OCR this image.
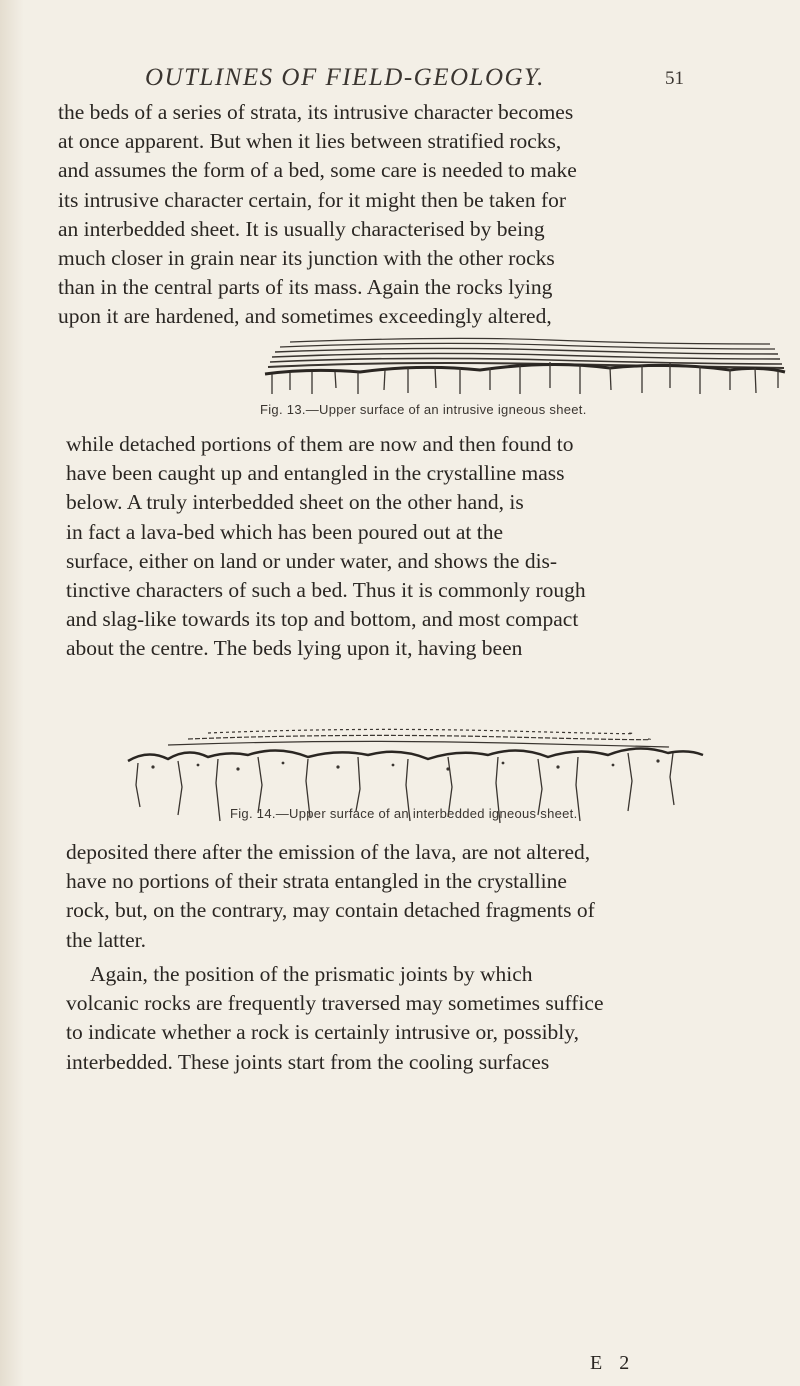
OUTLINES OF FIELD-GEOLOGY.	51

the beds of a series of strata, its intrusive character becomes
at once apparent. But when it lies between stratified rocks,
and assumes the form of a bed, some care is needed to make
its intrusive character certain, for it might then be taken for
an interbedded sheet. It is usually characterised by being
much closer in grain near its junction with the other rocks
than in the central parts of its mass. Again the rocks lying
upon it are hardened, and sometimes exceedingly altered,

Fig. 13.—Upper surface of an intrusive igneous sheet.

while detached portions of them are now and then found to
have been caught up and entangled in the crystalline mass
below. A truly interbedded sheet on the other hand, is
in fact a lava-bed which has been poured out at the
surface, either on land or under water, and shows the dis-
tinctive characters of such a bed. Thus it is commonly rough
and slag-like towards its top and bottom, and most compact
about the centre. The beds lying upon it, having been

Fig. 14.—Upper surface of an interbedded igneous sheet.

deposited there after the emission of the lava, are not altered,
have no portions of their strata entangled in the crystalline
rock, but, on the contrary, may contain detached fragments of
the latter.

Again, the position of the prismatic joints by which
volcanic rocks are frequently traversed may sometimes suffice
to indicate whether a rock is certainly intrusive or, possibly,
interbedded. These joints start from the cooling surfaces

E 2
